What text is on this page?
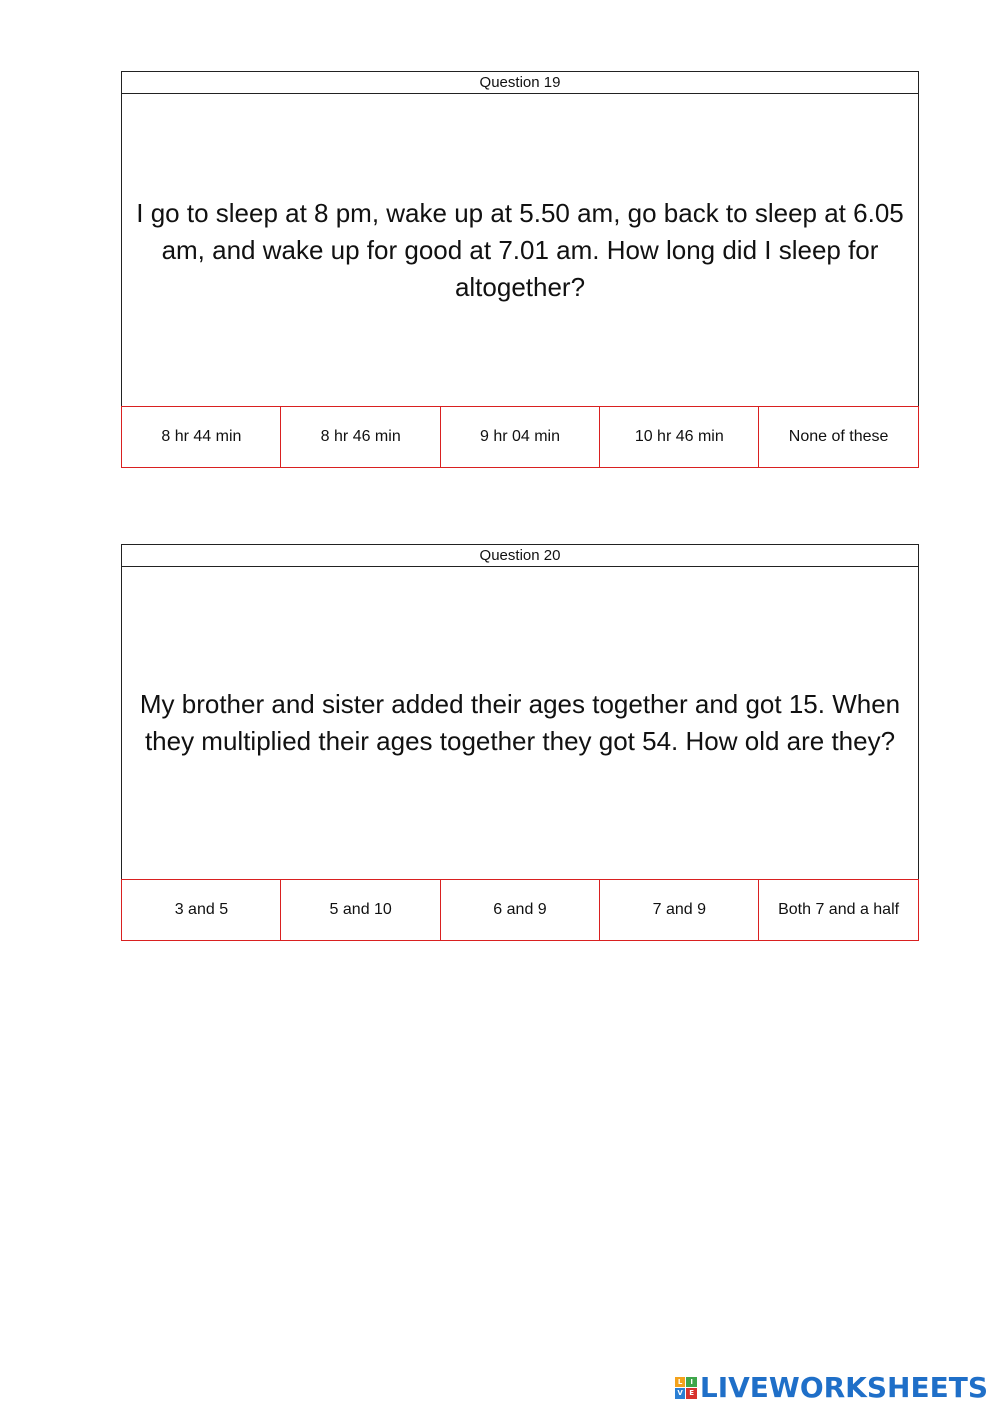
Question 19

I go to sleep at 8 pm, wake up at 5.50 am, go back to sleep at 6.05 am, and wake up for good at 7.01 am. How long did I sleep for altogether?

8 hr 44 min	8 hr 46 min	9 hr 04 min	10 hr 46 min	None of these
Question 20

My brother and sister added their ages together and got 15. When they multiplied their ages together they got 54. How old are they?

3 and 5	5 and 10	6 and 9	7 and 9	Both 7 and a half
L	I
V E LIVEWORKSHEETS
